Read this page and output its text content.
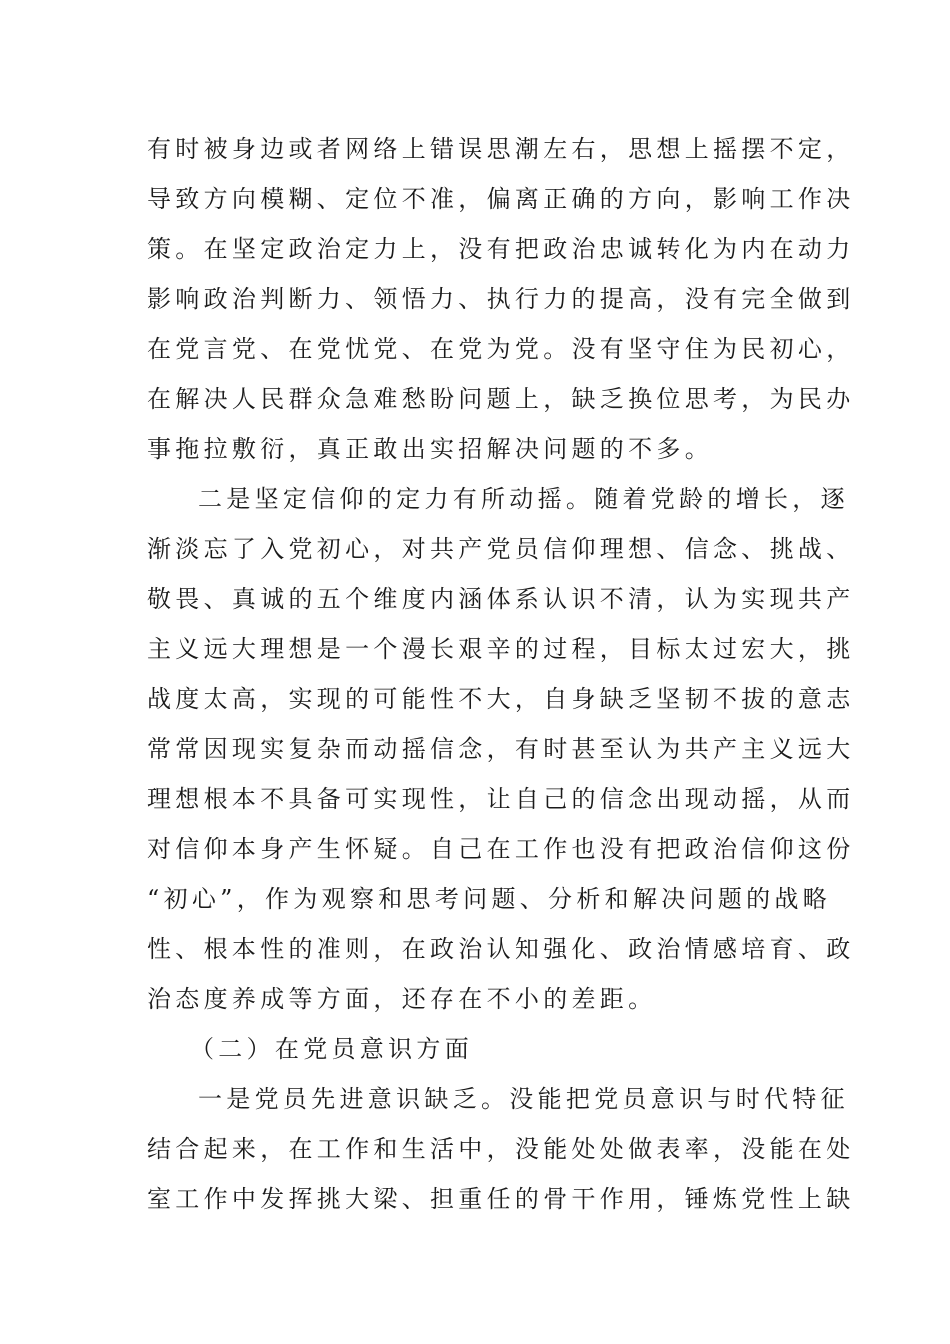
有时被身边或者网络上错误思潮左右，思想上摇摆不定，
导致方向模糊、定位不准，偏离正确的方向，影响工作决
策。在坚定政治定力上，没有把政治忠诚转化为内在动力
影响政治判断力、领悟力、执行力的提高，没有完全做到
在党言党、在党忧党、在党为党。没有坚守住为民初心，
在解决人民群众急难愁盼问题上，缺乏换位思考，为民办
事拖拉敷衍，真正敢出实招解决问题的不多。
二是坚定信仰的定力有所动摇。随着党龄的增长，逐
渐淡忘了入党初心，对共产党员信仰理想、信念、挑战、
敬畏、真诚的五个维度内涵体系认识不清，认为实现共产
主义远大理想是一个漫长艰辛的过程，目标太过宏大，挑
战度太高，实现的可能性不大，自身缺乏坚韧不拔的意志
常常因现实复杂而动摇信念，有时甚至认为共产主义远大
理想根本不具备可实现性，让自己的信念出现动摇，从而
对信仰本身产生怀疑。自己在工作也没有把政治信仰这份
“初心”，作为观察和思考问题、分析和解决问题的战略
性、根本性的准则，在政治认知强化、政治情感培育、政
治态度养成等方面，还存在不小的差距。
（二）在党员意识方面
一是党员先进意识缺乏。没能把党员意识与时代特征
结合起来，在工作和生活中，没能处处做表率，没能在处
室工作中发挥挑大梁、担重任的骨干作用，锤炼党性上缺
